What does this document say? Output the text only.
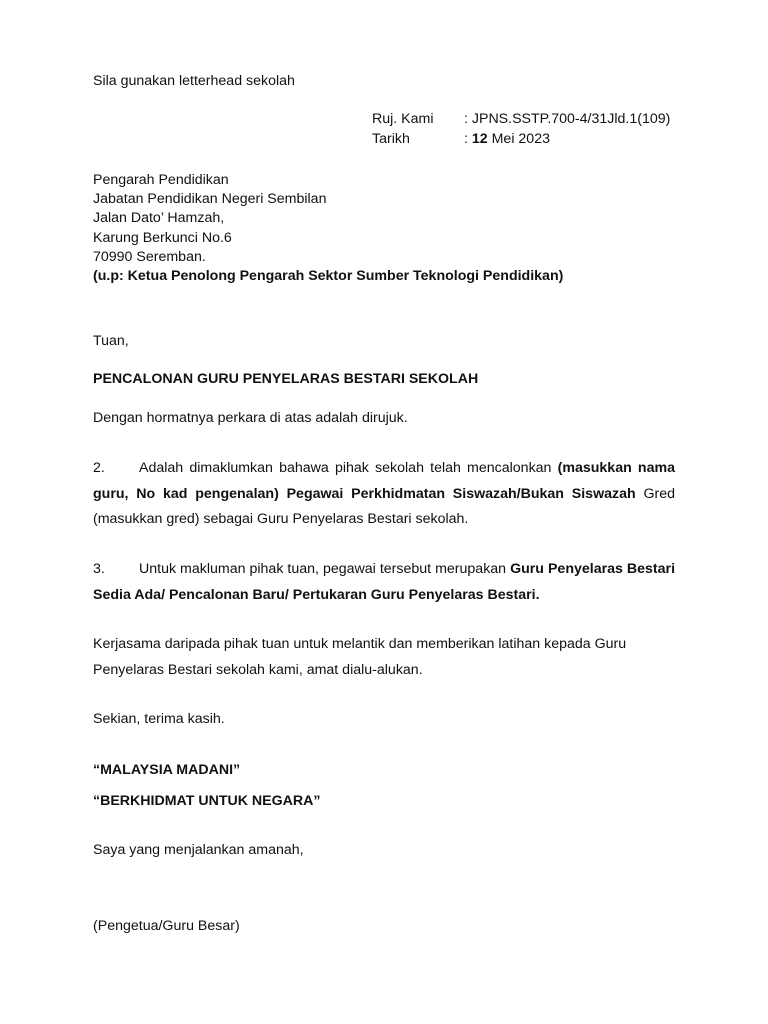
Sila gunakan letterhead sekolah
Ruj. Kami : JPNS.SSTP.700-4/31Jld.1(109)
Tarikh	: 12 Mei 2023
Pengarah Pendidikan
Jabatan Pendidikan Negeri Sembilan
Jalan Dato’ Hamzah,
Karung Berkunci No.6
70990 Seremban.
(u.p: Ketua Penolong Pengarah Sektor Sumber Teknologi Pendidikan)
Tuan,
PENCALONAN GURU PENYELARAS BESTARI SEKOLAH
Dengan hormatnya perkara di atas adalah dirujuk.
2. Adalah dimaklumkan bahawa pihak sekolah telah mencalonkan (masukkan nama guru, No kad pengenalan) Pegawai Perkhidmatan Siswazah/Bukan Siswazah Gred (masukkan gred) sebagai Guru Penyelaras Bestari sekolah.
3. Untuk makluman pihak tuan, pegawai tersebut merupakan Guru Penyelaras Bestari Sedia Ada/ Pencalonan Baru/ Pertukaran Guru Penyelaras Bestari.
Kerjasama daripada pihak tuan untuk melantik dan memberikan latihan kepada Guru Penyelaras Bestari sekolah kami, amat dialu-alukan.
Sekian, terima kasih.
“MALAYSIA MADANI”
“BERKHIDMAT UNTUK NEGARA”
Saya yang menjalankan amanah,
(Pengetua/Guru Besar)
